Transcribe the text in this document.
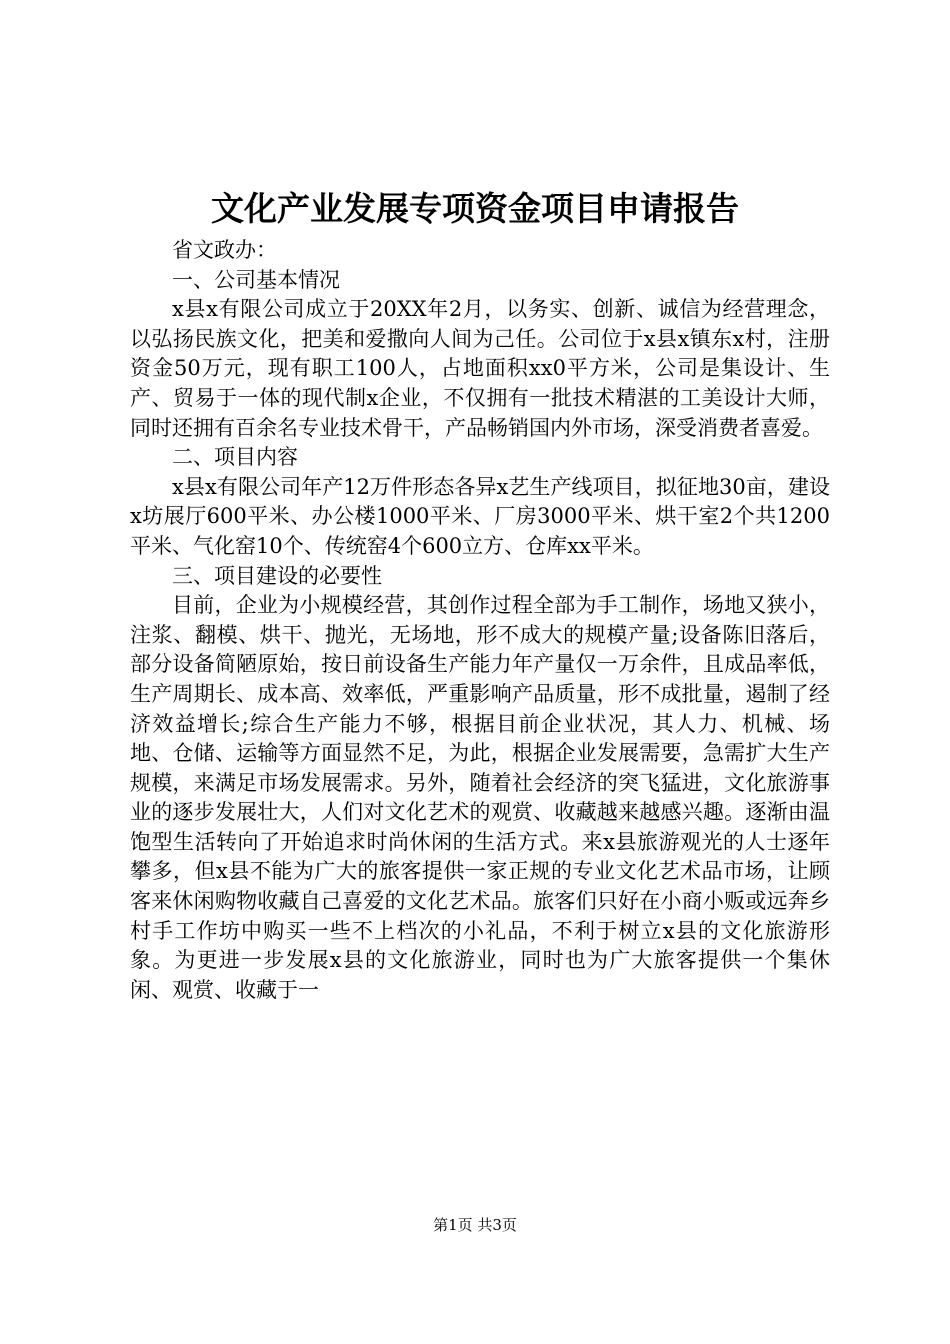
文化产业发展专项资金项目申请报告

省文政办：

一、公司基本情况

x县x有限公司成立于20XX年2月，以务实、创新、诚信为经营理念，以弘扬民族文化，把美和爱撒向人间为己任。公司位于x县x镇东x村，注册资金50万元，现有职工100人，占地面积xx0平方米，公司是集设计、生产、贸易于一体的现代制x企业，不仅拥有一批技术精湛的工美设计大师，同时还拥有百余名专业技术骨干，产品畅销国内外市场，深受消费者喜爱。

二、项目内容

x县x有限公司年产12万件形态各异x艺生产线项目，拟征地30亩，建设x坊展厅600平米、办公楼1000平米、厂房3000平米、烘干室2个共1200平米、气化窑10个、传统窑4个600立方、仓库xx平米。

三、项目建设的必要性

目前，企业为小规模经营，其创作过程全部为手工制作，场地又狭小，注浆、翻模、烘干、抛光，无场地，形不成大的规模产量;设备陈旧落后，部分设备简陋原始，按日前设备生产能力年产量仅一万余件，且成品率低，生产周期长、成本高、效率低，严重影响产品质量，形不成批量，遏制了经济效益增长;综合生产能力不够，根据目前企业状况，其人力、机械、场地、仓储、运输等方面显然不足，为此，根据企业发展需要，急需扩大生产规模，来满足市场发展需求。另外，随着社会经济的突飞猛进，文化旅游事业的逐步发展壮大，人们对文化艺术的观赏、收藏越来越感兴趣。逐渐由温饱型生活转向了开始追求时尚休闲的生活方式。来x县旅游观光的人士逐年攀多，但x县不能为广大的旅客提供一家正规的专业文化艺术品市场，让顾客来休闲购物收藏自己喜爱的文化艺术品。旅客们只好在小商小贩或远奔乡村手工作坊中购买一些不上档次的小礼品，不利于树立x县的文化旅游形象。为更进一步发展x县的文化旅游业，同时也为广大旅客提供一个集休闲、观赏、收藏于一

第1页 共3页
